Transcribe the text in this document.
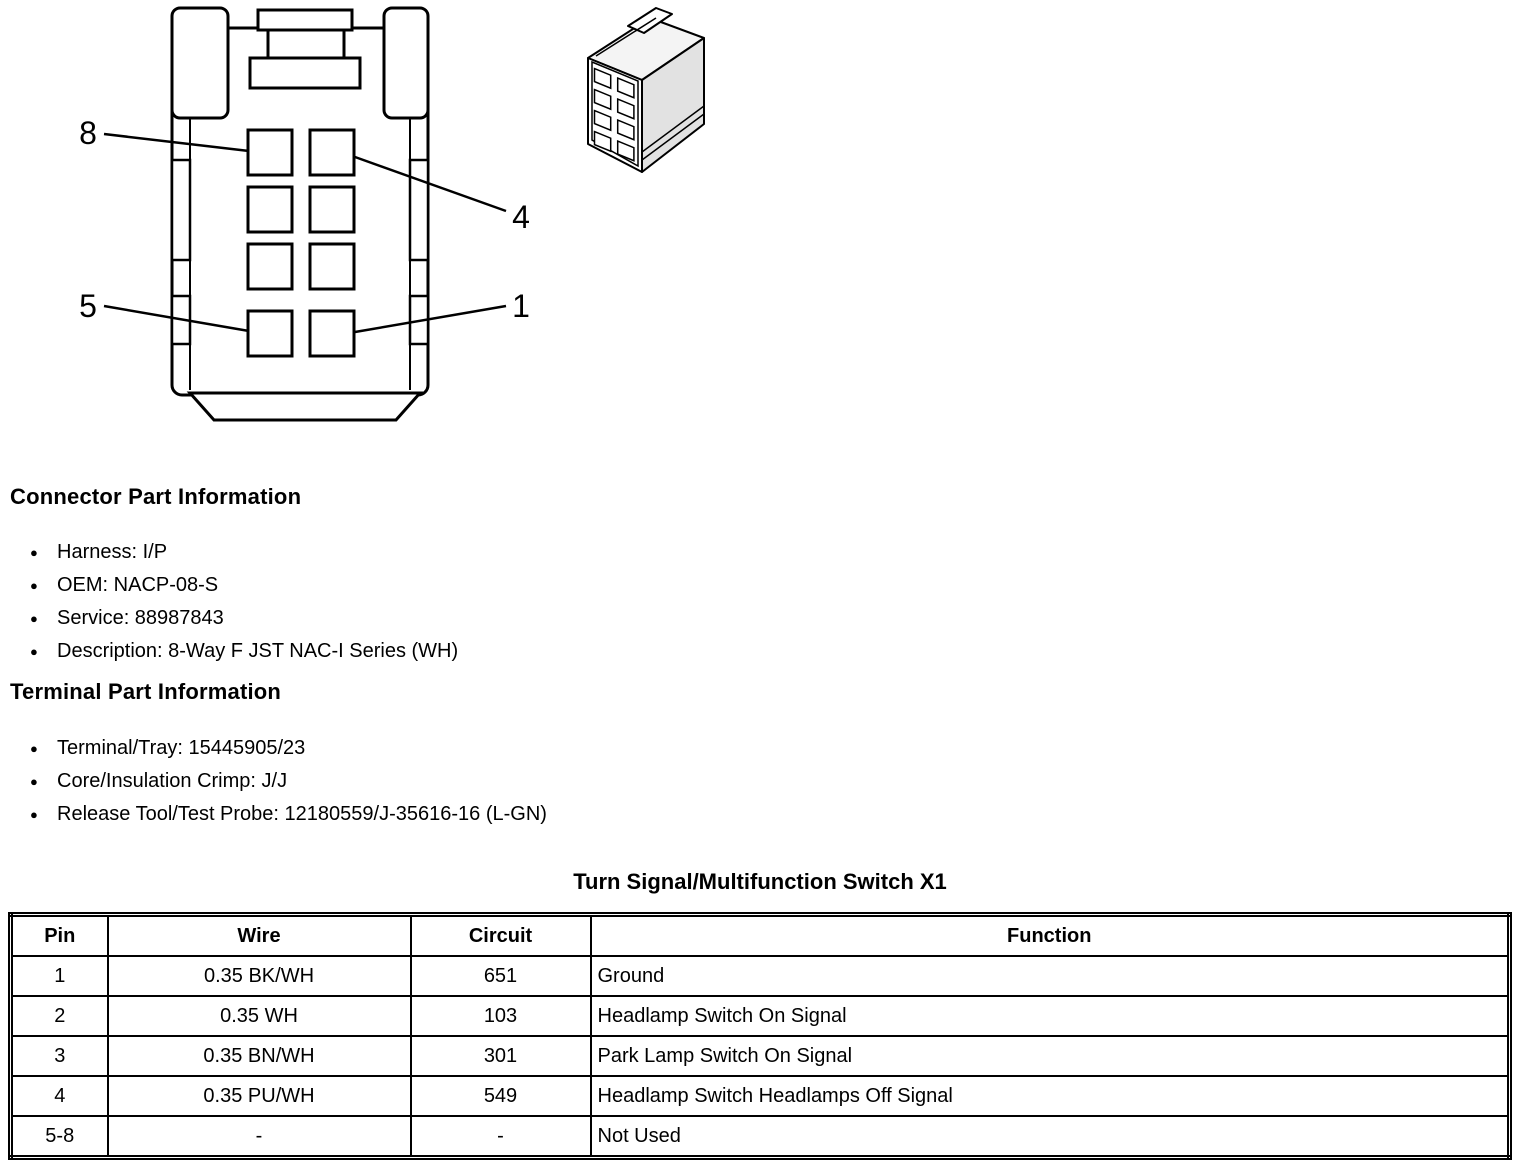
8
4
5	1
Connector Part Information
● Harness: I/P
● OEM: NACP-08-S
● Service: 88987843
● Description: 8-Way F JST NAC-I Series (WH)
Terminal Part Information
● Terminal/Tray: 15445905/23
● Core/Insulation Crimp: J/J
● Release Tool/Test Probe: 12180559/J-35616-16 (L-GN)
Turn Signal/Multifunction Switch X1
Pin	Wire	Circuit	Function
1	0.35 BK/WH	651	Ground
2	0.35 WH	103	Headlamp Switch On Signal
3	0.35 BN/WH	301	Park Lamp Switch On Signal
4	0.35 PU/WH	549	Headlamp Switch Headlamps Off Signal
5-8	-	-	Not Used
